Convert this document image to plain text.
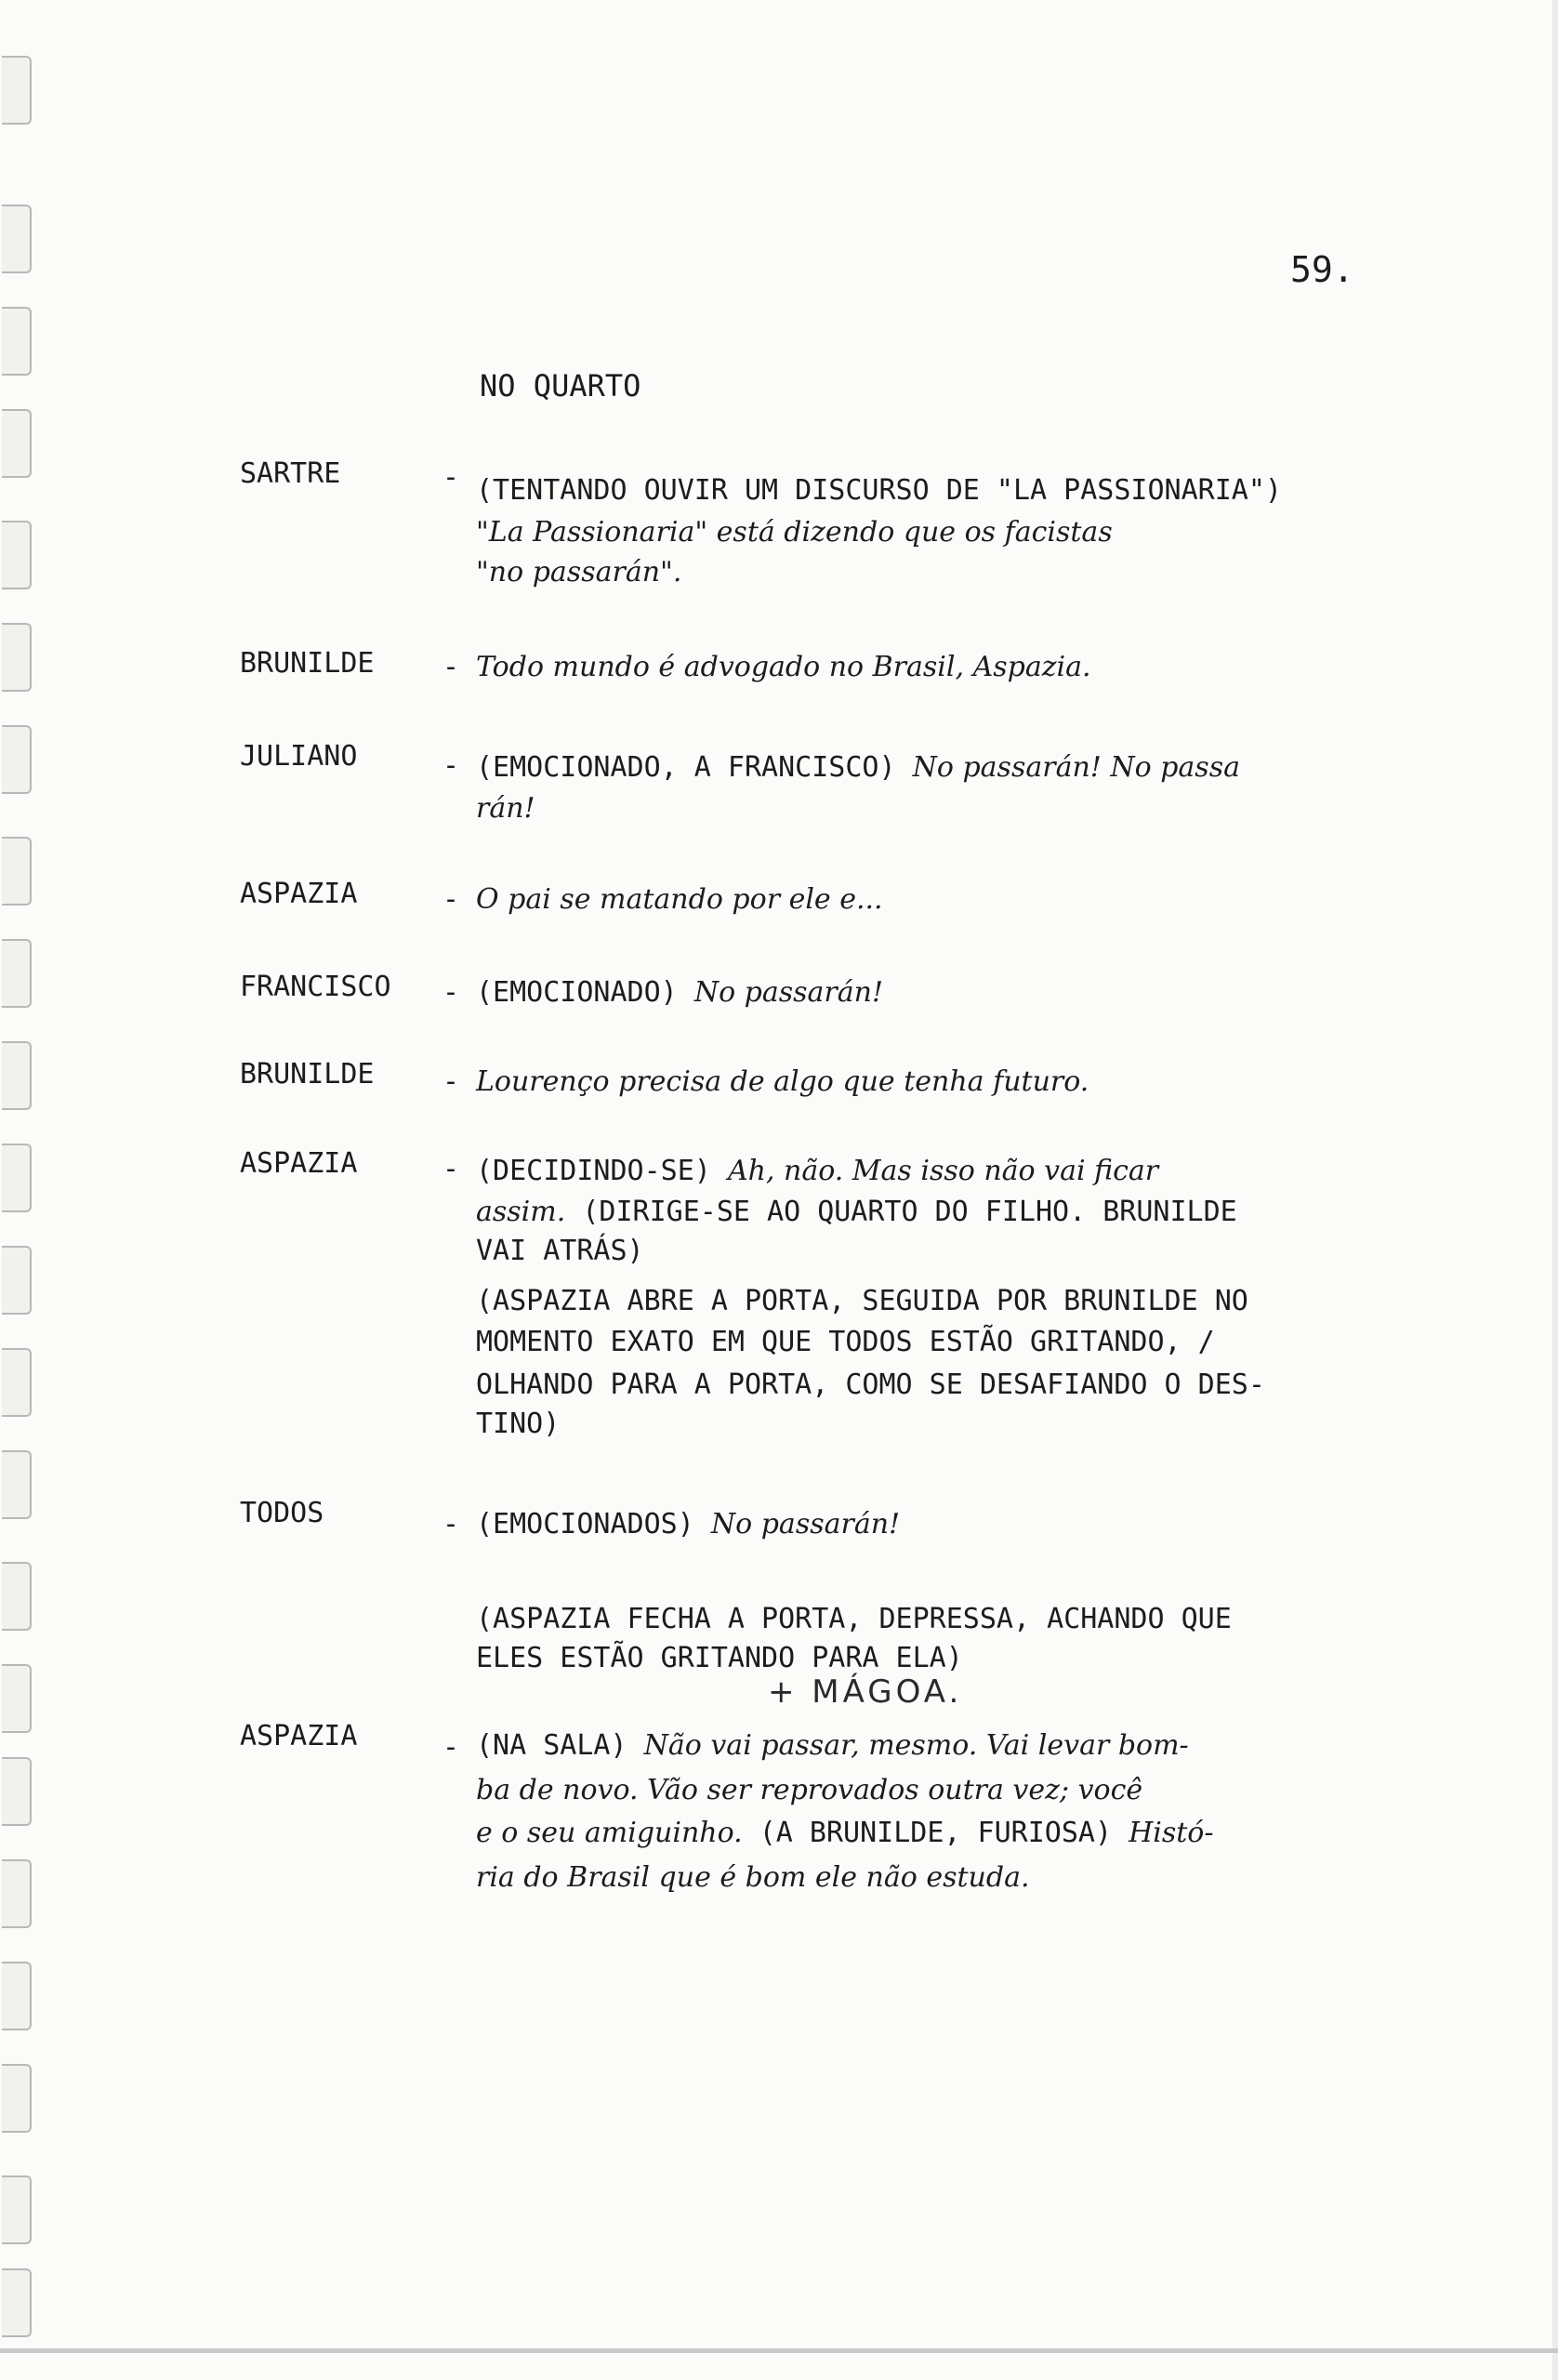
59.
NO QUARTO
SARTRE	- (TENTANDO OUVIR UM DISCURSO DE "LA PASSIONARIA")
"La Passionaria" está dizendo que os facistas
"no passarán".
BRUNILDE - Todo mundo é advogado no Brasil, Aspazia.
JULIANO	- (EMOCIONADO, A FRANCISCO) No passarán! No passa
rán!
ASPAZIA	- O pai se matando por ele e...
FRANCISCO - (EMOCIONADO) No passarán!
BRUNILDE - Lourenço precisa de algo que tenha futuro.
ASPAZIA	- (DECIDINDO-SE) Ah, não. Mas isso não vai ficar
assim. (DIRIGE-SE AO QUARTO DO FILHO. BRUNILDE
VAI ATRÁS)
(ASPAZIA ABRE A PORTA, SEGUIDA POR BRUNILDE NO
MOMENTO EXATO EM QUE TODOS ESTÃO GRITANDO, /
OLHANDO PARA A PORTA, COMO SE DESAFIANDO O DES-
TINO)
TODOS	- (EMOCIONADOS) No passarán!
(ASPAZIA FECHA A PORTA, DEPRESSA, ACHANDO QUE
ELES ESTÃO GRITANDO PARA ELA)
+ MÁGOA.
ASPAZIA	- (NA SALA) Não vai passar, mesmo. Vai levar bom-
ba de novo. Vão ser reprovados outra vez; você
e o seu amiguinho. (A BRUNILDE, FURIOSA) Histó-
ria do Brasil que é bom ele não estuda.
